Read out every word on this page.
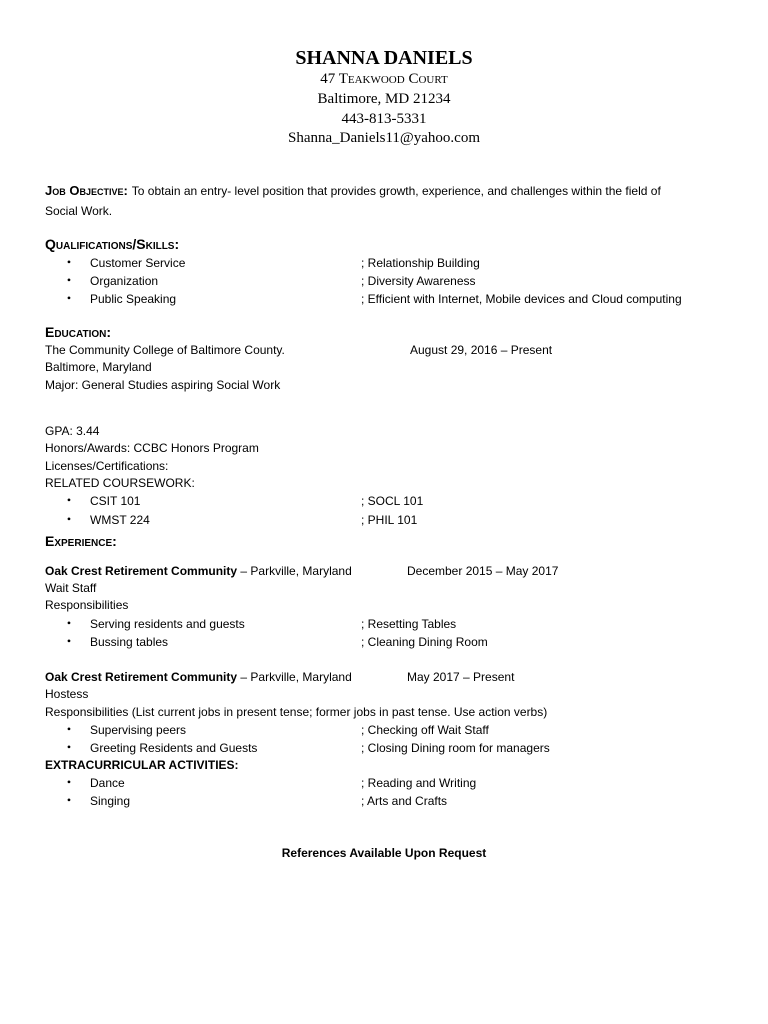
SHANNA DANIELS
47 Teakwood Court
Baltimore, MD 21234
443-813-5331
Shanna_Daniels11@yahoo.com
Job Objective: To obtain an entry- level position that provides growth, experience, and challenges within the field of
Social Work.
Qualifications/Skills:
•	Customer Service	; Relationship Building
•	Organization	; Diversity Awareness
•	Public Speaking	; Efficient with Internet, Mobile devices and Cloud computing
Education:
The Community College of Baltimore County.	August 29, 2016 – Present
Baltimore, Maryland
Major: General Studies aspiring Social Work
GPA: 3.44
Honors/Awards: CCBC Honors Program
Licenses/Certifications:
RELATED COURSEWORK:
•	CSIT 101	; SOCL 101
•	WMST 224	; PHIL 101
Experience:
Oak Crest Retirement Community – Parkville, Maryland	December 2015 – May 2017
Wait Staff
Responsibilities
•	Serving residents and guests	; Resetting Tables
•	Bussing tables	; Cleaning Dining Room
Oak Crest Retirement Community – Parkville, Maryland	May 2017 – Present
Hostess
Responsibilities (List current jobs in present tense; former jobs in past tense. Use action verbs)
•	Supervising peers	; Checking off Wait Staff
•	Greeting Residents and Guests	; Closing Dining room for managers
EXTRACURRICULAR ACTIVITIES:
•	Dance	; Reading and Writing
•	Singing	; Arts and Crafts
References Available Upon Request
